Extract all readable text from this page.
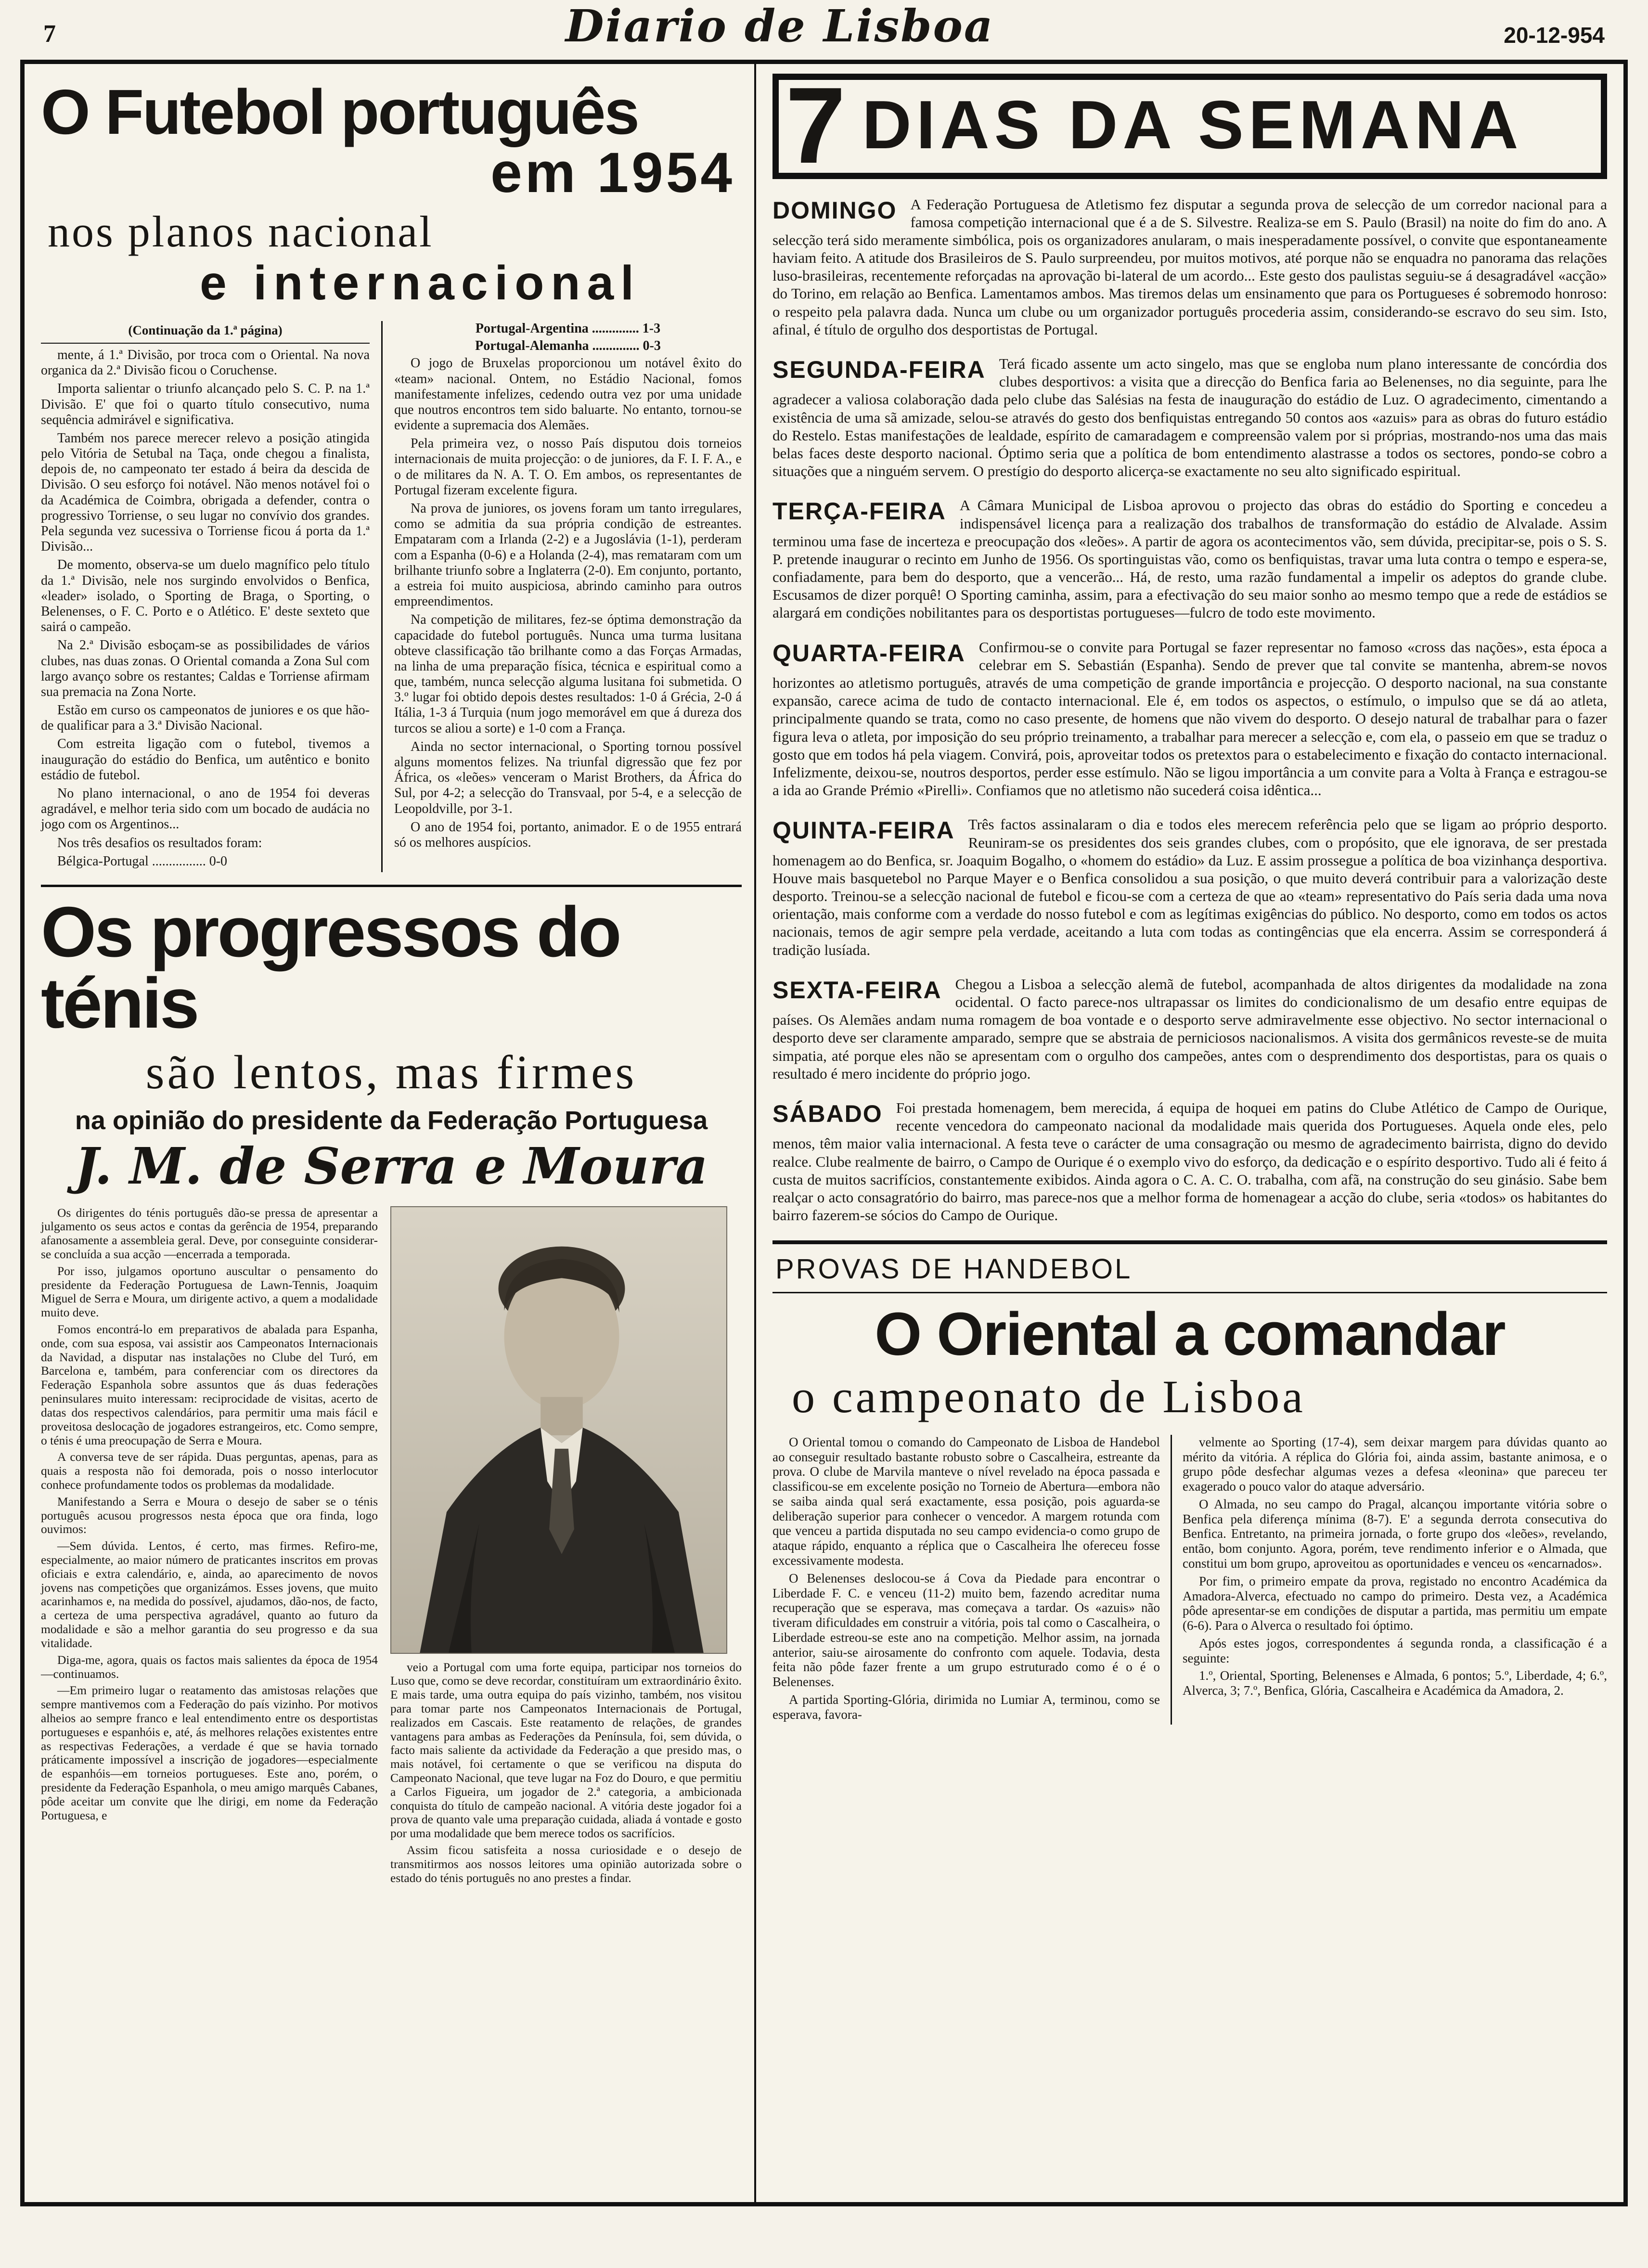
7	Diario de Lisboa	20-12-954
O Futebol português
em 1954
nos planos nacional
e internacional
(Continuação da 1.ª página)

mente, á 1.ª Divisão, por troca com o Oriental. Na nova organica da 2.ª Divisão ficou o Coruchense.

Importa salientar o triunfo alcançado pelo S. C. P. na 1.ª Divisão. E' que foi o quarto título consecutivo, numa sequência admirável e significativa.

Também nos parece merecer relevo a posição atingida pelo Vitória de Setubal na Taça, onde chegou a finalista, depois de, no campeonato ter estado á beira da descida de Divisão. O seu esforço foi notável. Não menos notável foi o da Académica de Coimbra, obrigada a defender, contra o progressivo Torriense, o seu lugar no convívio dos grandes. Pela segunda vez sucessiva o Torriense ficou á porta da 1.ª Divisão...

De momento, observa-se um duelo magnífico pelo título da 1.ª Divisão, nele nos surgindo envolvidos o Benfica, «leader» isolado, o Sporting de Braga, o Sporting, o Belenenses, o F. C. Porto e o Atlético. E' deste sexteto que sairá o campeão.

Na 2.ª Divisão esboçam-se as possibilidades de vários clubes, nas duas zonas. O Oriental comanda a Zona Sul com largo avanço sobre os restantes; Caldas e Torriense afirmam sua premacia na Zona Norte.

Estão em curso os campeonatos de juniores e os que hão-de qualificar para a 3.ª Divisão Nacional.

Com estreita ligação com o futebol, tivemos a inauguração do estádio do Benfica, um autêntico e bonito estádio de futebol.

No plano internacional, o ano de 1954 foi deveras agradável, e melhor teria sido com um bocado de audácia no jogo com os Argentinos...

Nos três desafios os resultados foram:

Bélgica-Portugal ................ 0-0

Portugal-Argentina .............. 1-3

Portugal-Alemanha .............. 0-3

O jogo de Bruxelas proporcionou um notável êxito do «team» nacional. Ontem, no Estádio Nacional, fomos manifestamente infelizes, cedendo outra vez por uma unidade que noutros encontros tem sido baluarte. No entanto, tornou-se evidente a supremacia dos Alemães.

Pela primeira vez, o nosso País disputou dois torneios internacionais de muita projecção: o de juniores, da F. I. F. A., e o de militares da N. A. T. O. Em ambos, os representantes de Portugal fizeram excelente figura.

Na prova de juniores, os jovens foram um tanto irregulares, como se admitia da sua própria condição de estreantes. Empataram com a Irlanda (2-2) e a Jugoslávia (1-1), perderam com a Espanha (0-6) e a Holanda (2-4), mas remataram com um brilhante triunfo sobre a Inglaterra (2-0). Em conjunto, portanto, a estreia foi muito auspiciosa, abrindo caminho para outros empreendimentos.

Na competição de militares, fez-se óptima demonstração da capacidade do futebol português. Nunca uma turma lusitana obteve classificação tão brilhante como a das Forças Armadas, na linha de uma preparação física, técnica e espiritual como a que, também, nunca selecção alguma lusitana foi submetida. O 3.º lugar foi obtido depois destes resultados: 1-0 á Grécia, 2-0 á Itália, 1-3 á Turquia (num jogo memorável em que á dureza dos turcos se aliou a sorte) e 1-0 com a França.

Ainda no sector internacional, o Sporting tornou possível alguns momentos felizes. Na triunfal digressão que fez por África, os «leões» venceram o Marist Brothers, da África do Sul, por 4-2; a selecção do Transvaal, por 5-4, e a selecção de Leopoldville, por 3-1.

O ano de 1954 foi, portanto, animador. E o de 1955 entrará só os melhores auspícios.

Os progressos do ténis
são lentos, mas firmes
na opinião do presidente da Federação Portuguesa
J. M. de Serra e Moura

Os dirigentes do ténis português dão-se pressa de apresentar a julgamento os seus actos e contas da gerência de 1954, preparando afanosamente a assembleia geral. Deve, por conseguinte considerar-se concluída a sua acção —encerrada a temporada.

Por isso, julgamos oportuno auscultar o pensamento do presidente da Federação Portuguesa de Lawn-Tennis, Joaquim Miguel de Serra e Moura, um dirigente activo, a quem a modalidade muito deve.

Fomos encontrá-lo em preparativos de abalada para Espanha, onde, com sua esposa, vai assistir aos Campeonatos Internacionais da Navidad, a disputar nas instalações no Clube del Turó, em Barcelona e, também, para conferenciar com os directores da Federação Espanhola sobre assuntos que ás duas federações peninsulares muito interessam: reciprocidade de visitas, acerto de datas dos respectivos calendários, para permitir uma mais fácil e proveitosa deslocação de jogadores estrangeiros, etc. Como sempre, o ténis é uma preocupação de Serra e Moura.

A conversa teve de ser rápida. Duas perguntas, apenas, para as quais a resposta não foi demorada, pois o nosso interlocutor conhece profundamente todos os problemas da modalidade.

Manifestando a Serra e Moura o desejo de saber se o ténis português acusou progressos nesta época que ora finda, logo ouvimos:

—Sem dúvida. Lentos, é certo, mas firmes. Refiro-me, especialmente, ao maior número de praticantes inscritos em provas oficiais e extra calendário, e, ainda, ao aparecimento de novos jovens nas competições que organizámos. Esses jovens, que muito acarinhamos e, na medida do possível, ajudamos, dão-nos, de facto, a certeza de uma perspectiva agradável, quanto ao futuro da modalidade e são a melhor garantia do seu progresso e da sua vitalidade.

Diga-me, agora, quais os factos mais salientes da época de 1954—continuamos.

—Em primeiro lugar o reatamento das amistosas relações que sempre mantivemos com a Federação do país vizinho. Por motivos alheios ao sempre franco e leal entendimento entre os desportistas portugueses e espanhóis e, até, ás melhores relações existentes entre as respectivas Federações, a verdade é que se havia tornado práticamente impossível a inscrição de jogadores—especialmente de espanhóis—em torneios portugueses. Este ano, porém, o presidente da Federação Espanhola, o meu amigo marquês Cabanes, pôde aceitar um convite que lhe dirigi, em nome da Federação Portuguesa, e

veio a Portugal com uma forte equipa, participar nos torneios do Luso que, como se deve recordar, constituíram um extraordinário êxito. E mais tarde, uma outra equipa do país vizinho, também, nos visitou para tomar parte nos Campeonatos Internacionais de Portugal, realizados em Cascais. Este reatamento de relações, de grandes vantagens para ambas as Federações da Península, foi, sem dúvida, o facto mais saliente da actividade da Federação a que presido mas, o mais notável, foi certamente o que se verificou na disputa do Campeonato Nacional, que teve lugar na Foz do Douro, e que permitiu a Carlos Figueira, um jogador de 2.ª categoria, a ambicionada conquista do título de campeão nacional. A vitória deste jogador foi a prova de quanto vale uma preparação cuidada, aliada á vontade e gosto por uma modalidade que bem merece todos os sacrifícios.

Assim ficou satisfeita a nossa curiosidade e o desejo de transmitirmos aos nossos leitores uma opinião autorizada sobre o estado do ténis português no ano prestes a findar.

7 DIAS DA SEMANA
DOMINGO A Federação Portuguesa de Atletismo fez disputar a segunda prova de selecção de um corredor nacional para a famosa competição internacional que é a de S. Silvestre. Realiza-se em S. Paulo (Brasil) na noite do fim do ano. A selecção terá sido meramente simbólica, pois os organizadores anularam, o mais inesperadamente possível, o convite que espontaneamente haviam feito. A atitude dos Brasileiros de S. Paulo surpreendeu, por muitos motivos, até porque não se enquadra no panorama das relações luso-brasileiras, recentemente reforçadas na aprovação bi-lateral de um acordo... Este gesto dos paulistas seguiu-se á desagradável «acção» do Torino, em relação ao Benfica. Lamentamos ambos. Mas tiremos delas um ensinamento que para os Portugueses é sobremodo honroso: o respeito pela palavra dada. Nunca um clube ou um organizador português procederia assim, considerando-se escravo do seu sim. Isto, afinal, é título de orgulho dos desportistas de Portugal.
SEGUNDA-FEIRA Terá ficado assente um acto singelo, mas que se engloba num plano interessante de concórdia dos clubes desportivos: a visita que a direcção do Benfica faria ao Belenenses, no dia seguinte, para lhe agradecer a valiosa colaboração dada pelo clube das Salésias na festa de inauguração do estádio de Luz. O agradecimento, cimentando a existência de uma sã amizade, selou-se através do gesto dos benfiquistas entregando 50 contos aos «azuis» para as obras do futuro estádio do Restelo. Estas manifestações de lealdade, espírito de camaradagem e compreensão valem por si próprias, mostrando-nos uma das mais belas faces deste desporto nacional. Óptimo seria que a política de bom entendimento alastrasse a todos os sectores, pondo-se cobro a situações que a ninguém servem. O prestígio do desporto alicerça-se exactamente no seu alto significado espiritual.
TERÇA-FEIRA A Câmara Municipal de Lisboa aprovou o projecto das obras do estádio do Sporting e concedeu a indispensável licença para a realização dos trabalhos de transformação do estádio de Alvalade. Assim terminou uma fase de incerteza e preocupação dos «leões». A partir de agora os acontecimentos vão, sem dúvida, precipitar-se, pois o S. S. P. pretende inaugurar o recinto em Junho de 1956. Os sportinguistas vão, como os benfiquistas, travar uma luta contra o tempo e espera-se, confiadamente, para bem do desporto, que a vencerão... Há, de resto, uma razão fundamental a impelir os adeptos do grande clube. Escusamos de dizer porquê! O Sporting caminha, assim, para a efectivação do seu maior sonho ao mesmo tempo que a rede de estádios se alargará em condições nobilitantes para os desportistas portugueses—fulcro de todo este movimento.
QUARTA-FEIRA Confirmou-se o convite para Portugal se fazer representar no famoso «cross das nações», esta época a celebrar em S. Sebastián (Espanha). Sendo de prever que tal convite se mantenha, abrem-se novos horizontes ao atletismo português, através de uma competição de grande importância e projecção. O desporto nacional, na sua constante expansão, carece acima de tudo de contacto internacional. Ele é, em todos os aspectos, o estímulo, o impulso que se dá ao atleta, principalmente quando se trata, como no caso presente, de homens que não vivem do desporto. O desejo natural de trabalhar para o fazer figura leva o atleta, por imposição do seu próprio treinamento, a trabalhar para merecer a selecção e, com ela, o passeio em que se traduz o gosto que em todos há pela viagem. Convirá, pois, aproveitar todos os pretextos para o estabelecimento e fixação do contacto internacional. Infelizmente, deixou-se, noutros desportos, perder esse estímulo. Não se ligou importância a um convite para a Volta à França e estragou-se a ida ao Grande Prémio «Pirelli». Confiamos que no atletismo não sucederá coisa idêntica...
QUINTA-FEIRA Três factos assinalaram o dia e todos eles merecem referência pelo que se ligam ao próprio desporto. Reuniram-se os presidentes dos seis grandes clubes, com o propósito, que ele ignorava, de ser prestada homenagem ao do Benfica, sr. Joaquim Bogalho, o «homem do estádio» da Luz. E assim prossegue a política de boa vizinhança desportiva. Houve mais basquetebol no Parque Mayer e o Benfica consolidou a sua posição, o que muito deverá contribuir para a valorização deste desporto. Treinou-se a selecção nacional de futebol e ficou-se com a certeza de que ao «team» representativo do País seria dada uma nova orientação, mais conforme com a verdade do nosso futebol e com as legítimas exigências do público. No desporto, como em todos os actos nacionais, temos de agir sempre pela verdade, aceitando a luta com todas as contingências que ela encerra. Assim se corresponderá á tradição lusíada.
SEXTA-FEIRA Chegou a Lisboa a selecção alemã de futebol, acompanhada de altos dirigentes da modalidade na zona ocidental. O facto parece-nos ultrapassar os limites do condicionalismo de um desafio entre equipas de países. Os Alemães andam numa romagem de boa vontade e o desporto serve admiravelmente esse objectivo. No sector internacional o desporto deve ser claramente amparado, sempre que se abstraia de perniciosos nacionalismos. A visita dos germânicos reveste-se de muita simpatia, até porque eles não se apresentam com o orgulho dos campeões, antes com o desprendimento dos desportistas, para os quais o resultado é mero incidente do próprio jogo.
SÁBADO Foi prestada homenagem, bem merecida, á equipa de hoquei em patins do Clube Atlético de Campo de Ourique, recente vencedora do campeonato nacional da modalidade mais querida dos Portugueses. Aquela onde eles, pelo menos, têm maior valia internacional. A festa teve o carácter de uma consagração ou mesmo de agradecimento bairrista, digno do devido realce. Clube realmente de bairro, o Campo de Ourique é o exemplo vivo do esforço, da dedicação e o espírito desportivo. Tudo ali é feito á custa de muitos sacrifícios, constantemente exibidos. Ainda agora o C. A. C. O. trabalha, com afã, na construção do seu ginásio. Sabe bem realçar o acto consagratório do bairro, mas parece-nos que a melhor forma de homenagear a acção do clube, seria «todos» os habitantes do bairro fazerem-se sócios do Campo de Ourique.
PROVAS DE HANDEBOL
O Oriental a comandar
o campeonato de Lisboa

O Oriental tomou o comando do Campeonato de Lisboa de Handebol ao conseguir resultado bastante robusto sobre o Cascalheira, estreante da prova. O clube de Marvila manteve o nível revelado na época passada e classificou-se em excelente posição no Torneio de Abertura—embora não se saiba ainda qual será exactamente, essa posição, pois aguarda-se deliberação superior para conhecer o vencedor. A margem rotunda com que venceu a partida disputada no seu campo evidencia-o como grupo de ataque rápido, enquanto a réplica que o Cascalheira lhe ofereceu fosse excessivamente modesta.

O Belenenses deslocou-se á Cova da Piedade para encontrar o Liberdade F. C. e venceu (11-2) muito bem, fazendo acreditar numa recuperação que se esperava, mas começava a tardar. Os «azuis» não tiveram dificuldades em construir a vitória, pois tal como o Cascalheira, o Liberdade estreou-se este ano na competição. Melhor assim, na jornada anterior, saiu-se airosamente do confronto com aquele. Todavia, desta feita não pôde fazer frente a um grupo estruturado como é o é o Belenenses.

A partida Sporting-Glória, dirimida no Lumiar A, terminou, como se esperava, favora-

velmente ao Sporting (17-4), sem deixar margem para dúvidas quanto ao mérito da vitória. A réplica do Glória foi, ainda assim, bastante animosa, e o grupo pôde desfechar algumas vezes a defesa «leonina» que pareceu ter exagerado o pouco valor do ataque adversário.

O Almada, no seu campo do Pragal, alcançou importante vitória sobre o Benfica pela diferença mínima (8-7). E' a segunda derrota consecutiva do Benfica. Entretanto, na primeira jornada, o forte grupo dos «leões», revelando, então, bom conjunto. Agora, porém, teve rendimento inferior e o Almada, que constitui um bom grupo, aproveitou as oportunidades e venceu os «encarnados».

Por fim, o primeiro empate da prova, registado no encontro Académica da Amadora-Alverca, efectuado no campo do primeiro. Desta vez, a Académica pôde apresentar-se em condições de disputar a partida, mas permitiu um empate (6-6). Para o Alverca o resultado foi óptimo.

Após estes jogos, correspondentes á segunda ronda, a classificação é a seguinte:

1.º, Oriental, Sporting, Belenenses e Almada, 6 pontos; 5.º, Liberdade, 4; 6.º, Alverca, 3; 7.º, Benfica, Glória, Cascalheira e Académica da Amadora, 2.
